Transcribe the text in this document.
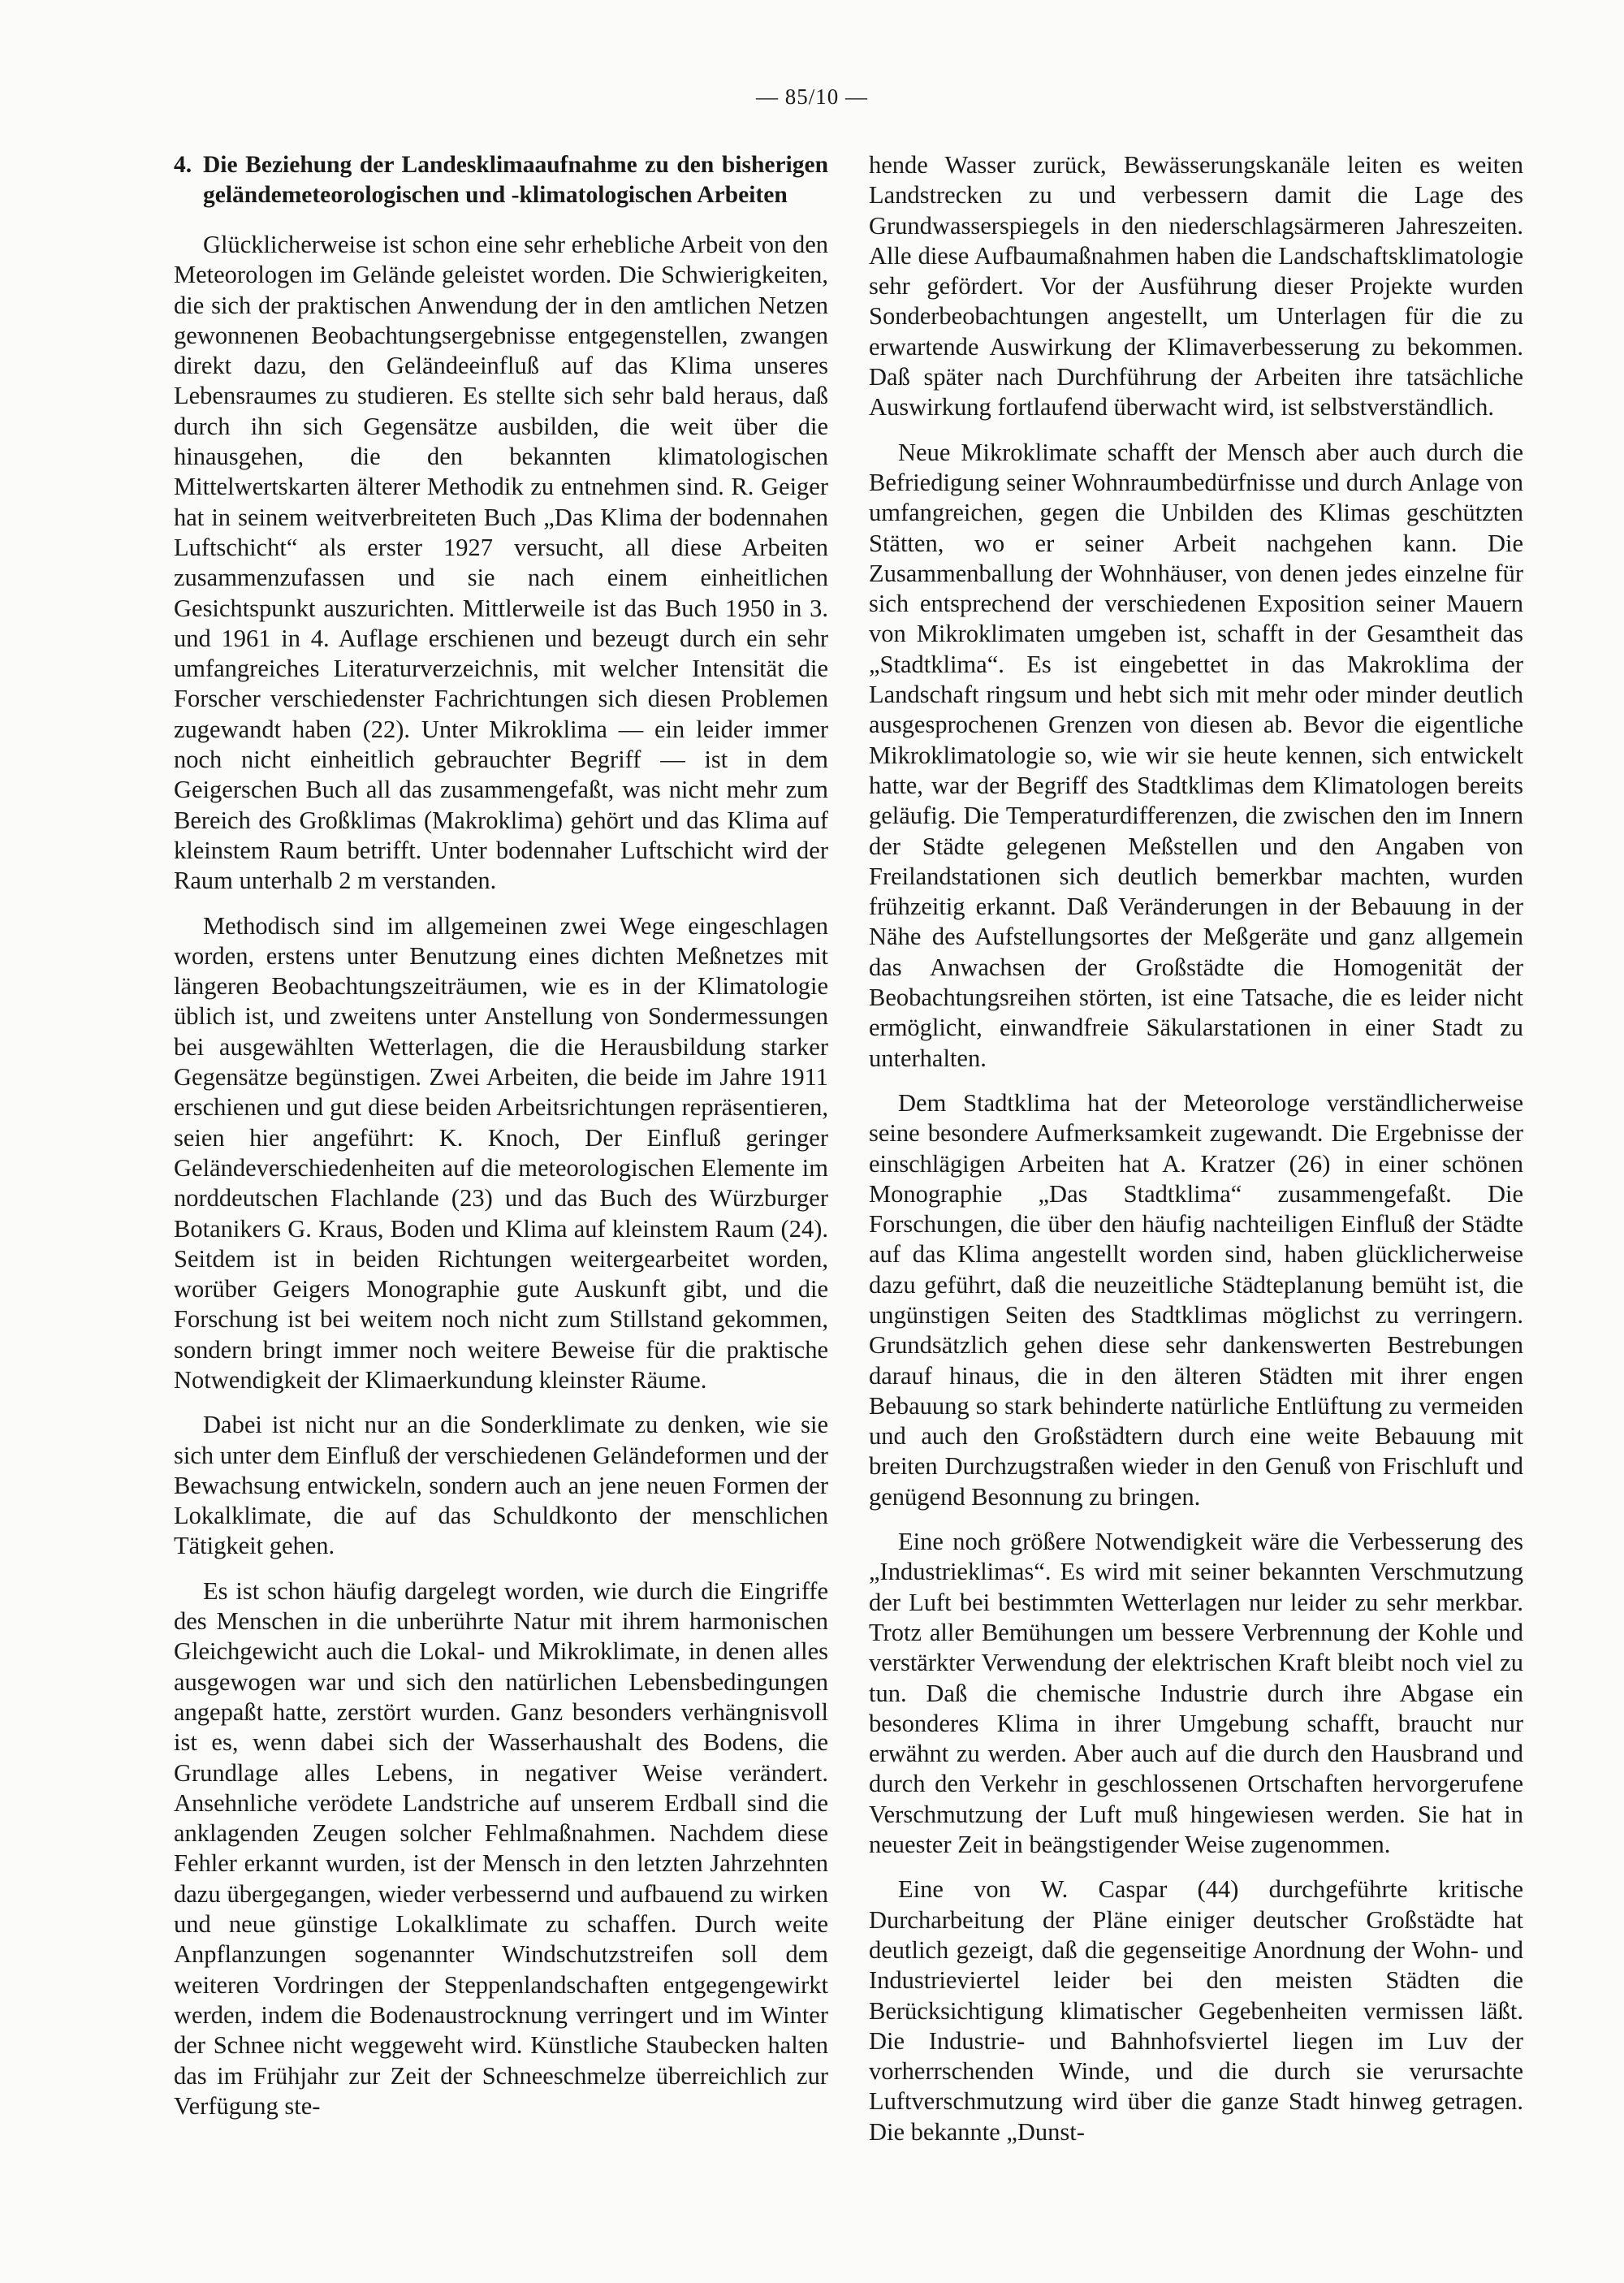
— 85/10 —
4. Die Beziehung der Landesklimaaufnahme zu den bisherigen geländemeteorologischen und -klimatologischen Arbeiten

Glücklicherweise ist schon eine sehr erhebliche Arbeit von den Meteorologen im Gelände geleistet worden. Die Schwierigkeiten, die sich der praktischen Anwendung der in den amtlichen Netzen gewonnenen Beobachtungsergebnisse entgegenstellen, zwangen direkt dazu, den Geländeeinfluß auf das Klima unseres Lebensraumes zu studieren. Es stellte sich sehr bald heraus, daß durch ihn sich Gegensätze ausbilden, die weit über die hinausgehen, die den bekannten klimatologischen Mittelwertskarten älterer Methodik zu entnehmen sind. R. Geiger hat in seinem weitverbreiteten Buch „Das Klima der bodennahen Luftschicht“ als erster 1927 versucht, all diese Arbeiten zusammenzufassen und sie nach einem einheitlichen Gesichtspunkt auszurichten. Mittlerweile ist das Buch 1950 in 3. und 1961 in 4. Auflage erschienen und bezeugt durch ein sehr umfangreiches Literaturverzeichnis, mit welcher Intensität die Forscher verschiedenster Fachrichtungen sich diesen Problemen zugewandt haben (22). Unter Mikroklima — ein leider immer noch nicht einheitlich gebrauchter Begriff — ist in dem Geigerschen Buch all das zusammengefaßt, was nicht mehr zum Bereich des Großklimas (Makroklima) gehört und das Klima auf kleinstem Raum betrifft. Unter bodennaher Luftschicht wird der Raum unterhalb 2 m verstanden.

Methodisch sind im allgemeinen zwei Wege eingeschlagen worden, erstens unter Benutzung eines dichten Meßnetzes mit längeren Beobachtungszeiträumen, wie es in der Klimatologie üblich ist, und zweitens unter Anstellung von Sondermessungen bei ausgewählten Wetterlagen, die die Herausbildung starker Gegensätze begünstigen. Zwei Arbeiten, die beide im Jahre 1911 erschienen und gut diese beiden Arbeitsrichtungen repräsentieren, seien hier angeführt: K. Knoch, Der Einfluß geringer Geländeverschiedenheiten auf die meteorologischen Elemente im norddeutschen Flachlande (23) und das Buch des Würzburger Botanikers G. Kraus, Boden und Klima auf kleinstem Raum (24). Seitdem ist in beiden Richtungen weitergearbeitet worden, worüber Geigers Monographie gute Auskunft gibt, und die Forschung ist bei weitem noch nicht zum Stillstand gekommen, sondern bringt immer noch weitere Beweise für die praktische Notwendigkeit der Klimaerkundung kleinster Räume.

Dabei ist nicht nur an die Sonderklimate zu denken, wie sie sich unter dem Einfluß der verschiedenen Geländeformen und der Bewachsung entwickeln, sondern auch an jene neuen Formen der Lokalklimate, die auf das Schuldkonto der menschlichen Tätigkeit gehen.

Es ist schon häufig dargelegt worden, wie durch die Eingriffe des Menschen in die unberührte Natur mit ihrem harmonischen Gleichgewicht auch die Lokal- und Mikroklimate, in denen alles ausgewogen war und sich den natürlichen Lebensbedingungen angepaßt hatte, zerstört wurden. Ganz besonders verhängnisvoll ist es, wenn dabei sich der Wasserhaushalt des Bodens, die Grundlage alles Lebens, in negativer Weise verändert. Ansehnliche verödete Landstriche auf unserem Erdball sind die anklagenden Zeugen solcher Fehlmaßnahmen. Nachdem diese Fehler erkannt wurden, ist der Mensch in den letzten Jahrzehnten dazu übergegangen, wieder verbessernd und aufbauend zu wirken und neue günstige Lokalklimate zu schaffen. Durch weite Anpflanzungen sogenannter Windschutzstreifen soll dem weiteren Vordringen der Steppenlandschaften entgegengewirkt werden, indem die Bodenaustrocknung verringert und im Winter der Schnee nicht weggeweht wird. Künstliche Staubecken halten das im Frühjahr zur Zeit der Schneeschmelze überreichlich zur Verfügung ste-

hende Wasser zurück, Bewässerungskanäle leiten es weiten Landstrecken zu und verbessern damit die Lage des Grundwasserspiegels in den niederschlagsärmeren Jahreszeiten. Alle diese Aufbaumaßnahmen haben die Landschaftsklimatologie sehr gefördert. Vor der Ausführung dieser Projekte wurden Sonderbeobachtungen angestellt, um Unterlagen für die zu erwartende Auswirkung der Klimaverbesserung zu bekommen. Daß später nach Durchführung der Arbeiten ihre tatsächliche Auswirkung fortlaufend überwacht wird, ist selbstverständlich.

Neue Mikroklimate schafft der Mensch aber auch durch die Befriedigung seiner Wohnraumbedürfnisse und durch Anlage von umfangreichen, gegen die Unbilden des Klimas geschützten Stätten, wo er seiner Arbeit nachgehen kann. Die Zusammenballung der Wohnhäuser, von denen jedes einzelne für sich entsprechend der verschiedenen Exposition seiner Mauern von Mikroklimaten umgeben ist, schafft in der Gesamtheit das „Stadtklima“. Es ist eingebettet in das Makroklima der Landschaft ringsum und hebt sich mit mehr oder minder deutlich ausgesprochenen Grenzen von diesen ab. Bevor die eigentliche Mikroklimatologie so, wie wir sie heute kennen, sich entwickelt hatte, war der Begriff des Stadtklimas dem Klimatologen bereits geläufig. Die Temperaturdifferenzen, die zwischen den im Innern der Städte gelegenen Meßstellen und den Angaben von Freilandstationen sich deutlich bemerkbar machten, wurden frühzeitig erkannt. Daß Veränderungen in der Bebauung in der Nähe des Aufstellungsortes der Meßgeräte und ganz allgemein das Anwachsen der Großstädte die Homogenität der Beobachtungsreihen störten, ist eine Tatsache, die es leider nicht ermöglicht, einwandfreie Säkularstationen in einer Stadt zu unterhalten.

Dem Stadtklima hat der Meteorologe verständlicherweise seine besondere Aufmerksamkeit zugewandt. Die Ergebnisse der einschlägigen Arbeiten hat A. Kratzer (26) in einer schönen Monographie „Das Stadtklima“ zusammengefaßt. Die Forschungen, die über den häufig nachteiligen Einfluß der Städte auf das Klima angestellt worden sind, haben glücklicherweise dazu geführt, daß die neuzeitliche Städteplanung bemüht ist, die ungünstigen Seiten des Stadtklimas möglichst zu verringern. Grundsätzlich gehen diese sehr dankenswerten Bestrebungen darauf hinaus, die in den älteren Städten mit ihrer engen Bebauung so stark behinderte natürliche Entlüftung zu vermeiden und auch den Großstädtern durch eine weite Bebauung mit breiten Durchzugstraßen wieder in den Genuß von Frischluft und genügend Besonnung zu bringen.

Eine noch größere Notwendigkeit wäre die Verbesserung des „Industrieklimas“. Es wird mit seiner bekannten Verschmutzung der Luft bei bestimmten Wetterlagen nur leider zu sehr merkbar. Trotz aller Bemühungen um bessere Verbrennung der Kohle und verstärkter Verwendung der elektrischen Kraft bleibt noch viel zu tun. Daß die chemische Industrie durch ihre Abgase ein besonderes Klima in ihrer Umgebung schafft, braucht nur erwähnt zu werden. Aber auch auf die durch den Hausbrand und durch den Verkehr in geschlossenen Ortschaften hervorgerufene Verschmutzung der Luft muß hingewiesen werden. Sie hat in neuester Zeit in beängstigender Weise zugenommen.

Eine von W. Caspar (44) durchgeführte kritische Durcharbeitung der Pläne einiger deutscher Großstädte hat deutlich gezeigt, daß die gegenseitige Anordnung der Wohn- und Industrieviertel leider bei den meisten Städten die Berücksichtigung klimatischer Gegebenheiten vermissen läßt. Die Industrie- und Bahnhofsviertel liegen im Luv der vorherrschenden Winde, und die durch sie verursachte Luftverschmutzung wird über die ganze Stadt hinweg getragen. Die bekannte „Dunst-
